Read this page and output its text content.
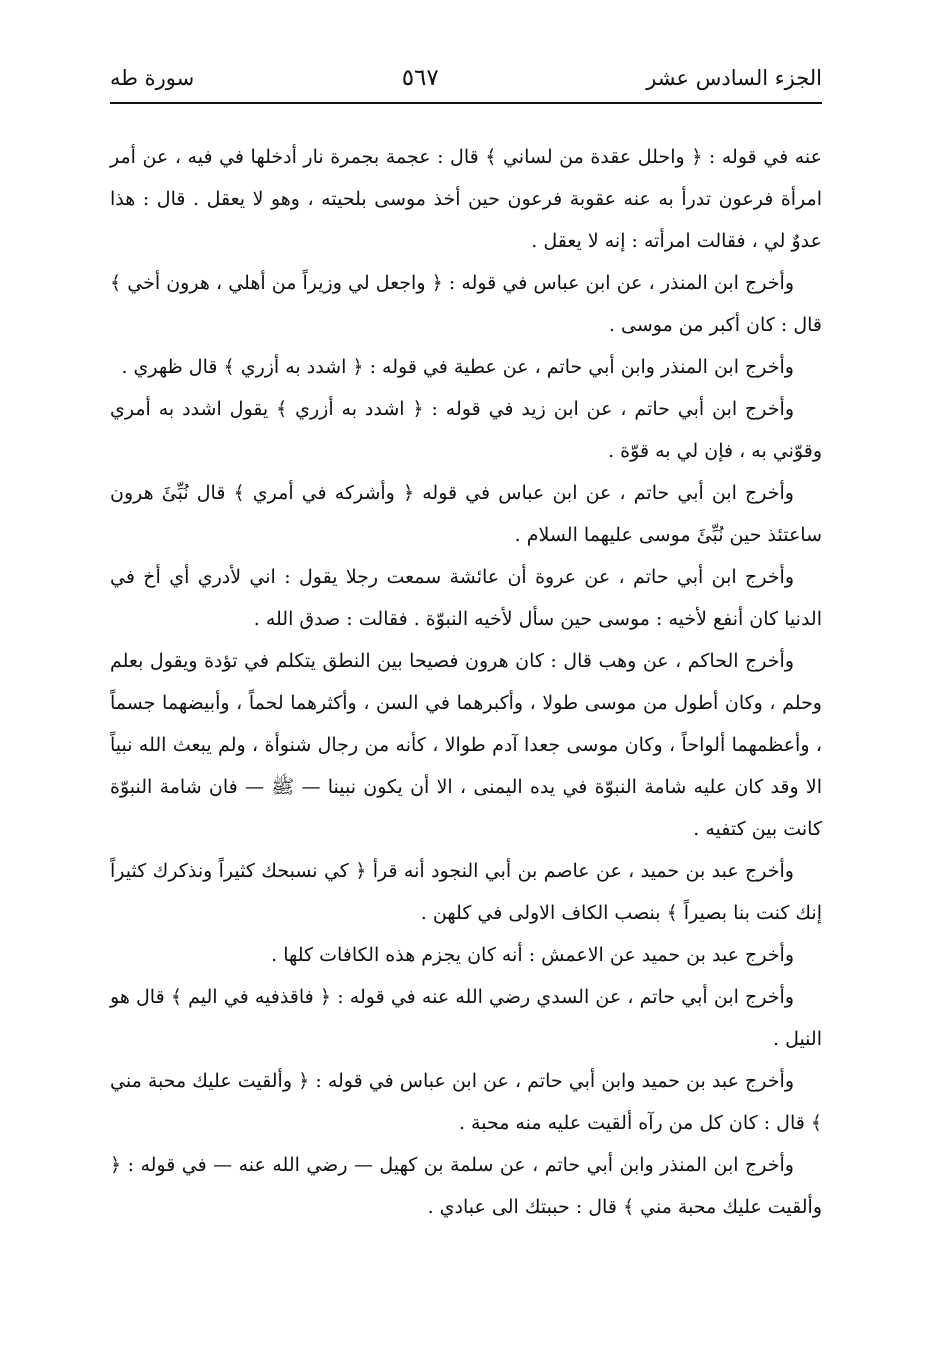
الجزء السادس عشر
٥٦٧
سورة طه

عنه في قوله : ﴿ واحلل عقدة من لساني ﴾ قال : عجمة بجمرة نار أدخلها في فيه ، عن أمر امرأة فرعون تدرأ به عنه عقوبة فرعون حين أخذ موسى بلحيته ، وهو لا يعقل . قال : هذا عدوٌ لي ، فقالت امرأته : إنه لا يعقل .

وأخرج ابن المنذر ، عن ابن عباس في قوله : ﴿ واجعل لي وزيراً من أهلي ، هرون أخي ﴾ قال : كان أكبر من موسى .

وأخرج ابن المنذر وابن أبي حاتم ، عن عطية في قوله : ﴿ اشدد به أزري ﴾ قال ظهري .

وأخرج ابن أبي حاتم ، عن ابن زيد في قوله : ﴿ اشدد به أزري ﴾ يقول اشدد به أمري وقوّني به ، فإن لي به قوّة .

وأخرج ابن أبي حاتم ، عن ابن عباس في قوله ﴿ وأشركه في أمري ﴾ قال نُبِّئَ هرون ساعتئذ حين نُبِّئَ موسى عليهما السلام .

وأخرج ابن أبي حاتم ، عن عروة أن عائشة سمعت رجلا يقول : اني لأدري أي أخ في الدنيا كان أنفع لأخيه : موسى حين سأل لأخيه النبوّة . فقالت : صدق الله .

وأخرج الحاكم ، عن وهب قال : كان هرون فصيحا بين النطق يتكلم في تؤدة ويقول بعلم وحلم ، وكان أطول من موسى طولا ، وأكبرهما في السن ، وأكثرهما لحماً ، وأبيضهما جسماً ، وأعظمهما ألواحاً ، وكان موسى جعدا آدم طوالا ، كأنه من رجال شنوأة ، ولم يبعث الله نبياً الا وقد كان عليه شامة النبوّة في يده اليمنى ، الا أن يكون نبينا — ﷺ — فان شامة النبوّة كانت بين كتفيه .

وأخرج عبد بن حميد ، عن عاصم بن أبي النجود أنه قرأ ﴿ كي نسبحك كثيراً ونذكرك كثيراً إنك كنت بنا بصيراً ﴾ بنصب الكاف الاولى في كلهن .

وأخرج عبد بن حميد عن الاعمش : أنه كان يجزم هذه الكافات كلها .

وأخرج ابن أبي حاتم ، عن السدي رضي الله عنه في قوله : ﴿ فاقذفيه في اليم ﴾ قال هو النيل .

وأخرج عبد بن حميد وابن أبي حاتم ، عن ابن عباس في قوله : ﴿ وألقيت عليك محبة مني ﴾ قال : كان كل من رآه ألقيت عليه منه محبة .

وأخرج ابن المنذر وابن أبي حاتم ، عن سلمة بن كهيل — رضي الله عنه — في قوله : ﴿ وألقيت عليك محبة مني ﴾ قال : حببتك الى عبادي .
